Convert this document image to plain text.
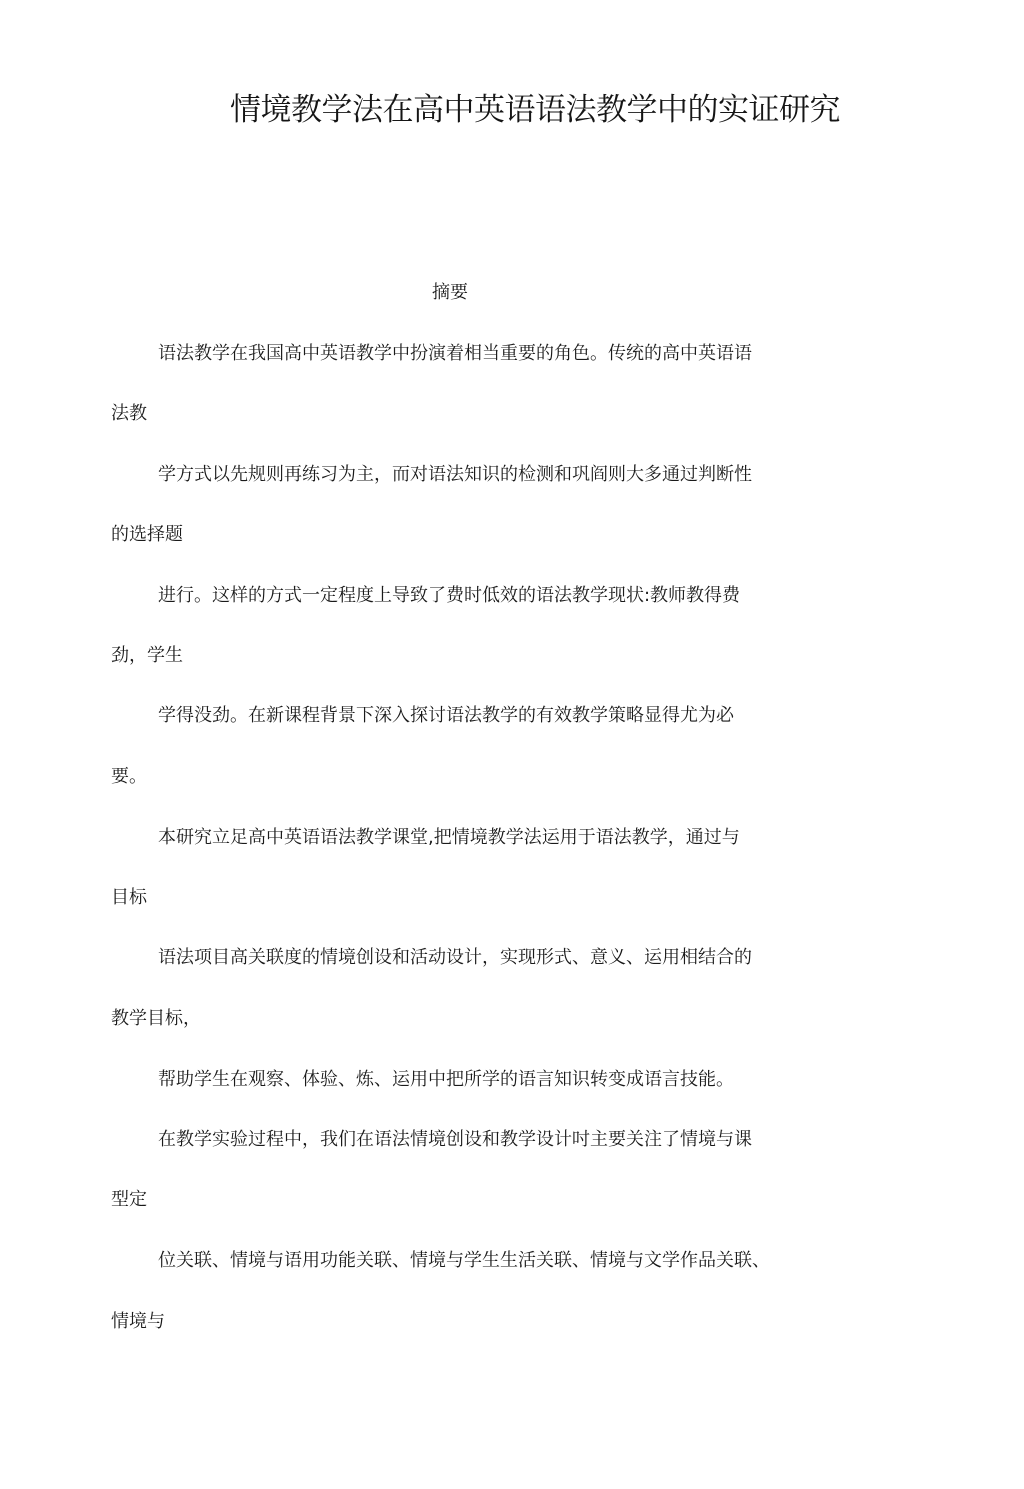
情境教学法在高中英语语法教学中的实证研究
摘要
语法教学在我国高中英语教学中扮演着相当重要的角色。传统的高中英语语
法教
学方式以先规则再练习为主，而对语法知识的检测和巩阎则大多通过判断性
的选择题
进行。这样的方式一定程度上导致了费时低效的语法教学现状:教师教得费
劲，学生
学得没劲。在新课程背景下深入探讨语法教学的有效教学策略显得尤为必
要。
本研究立足高中英语语法教学课堂,把情境教学法运用于语法教学，通过与
目标
语法项目高关联度的情境创设和活动设计，实现形式、意义、运用相结合的
教学目标，
帮助学生在观察、体验、炼、运用中把所学的语言知识转变成语言技能。
在教学实验过程中，我们在语法情境创设和教学设计吋主要关注了情境与课
型定
位关联、情境与语用功能关联、情境与学生生活关联、情境与文学作品关联、
情境与
